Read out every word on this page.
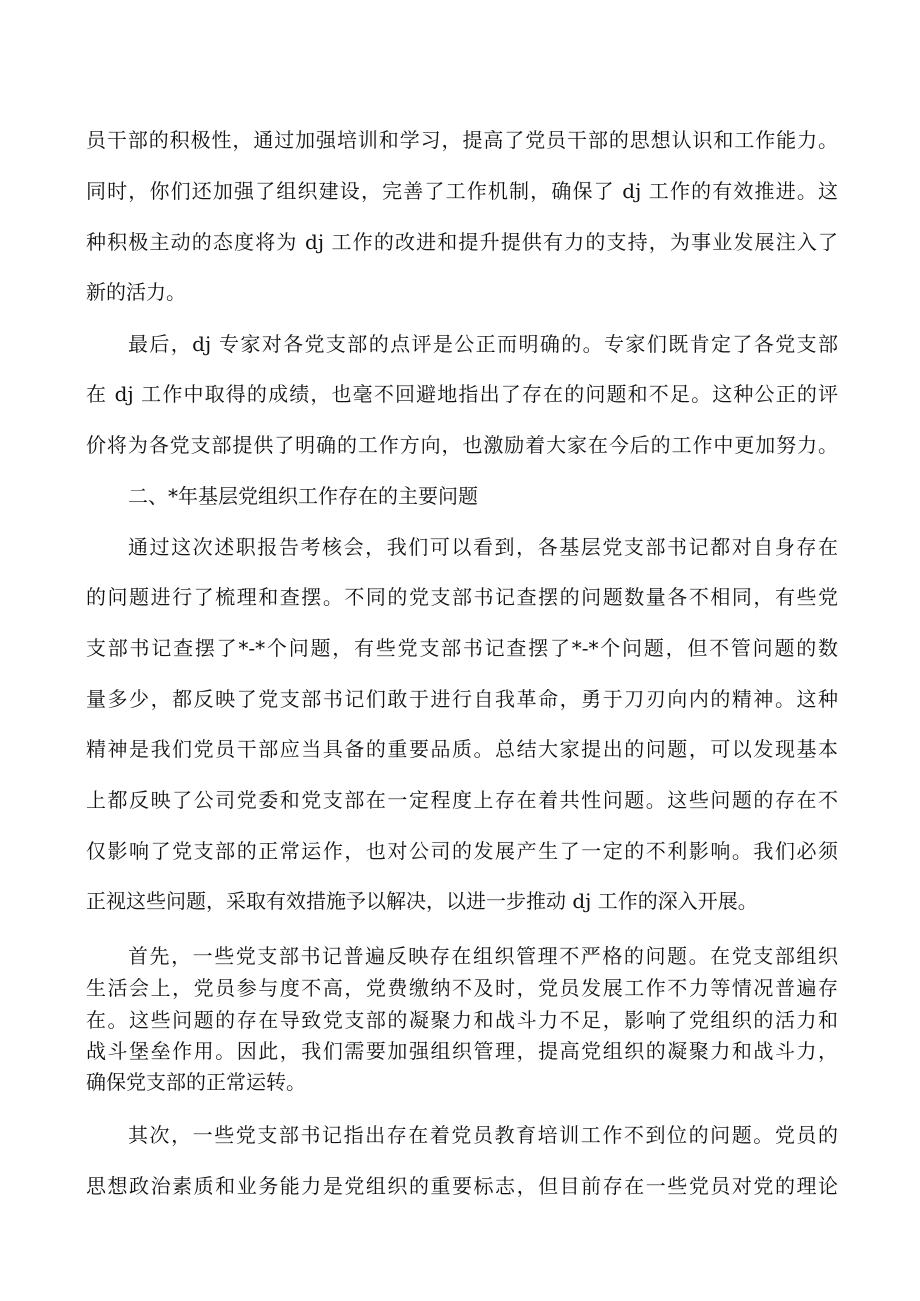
员干部的积极性，通过加强培训和学习，提高了党员干部的思想认识和工作能力。
同时，你们还加强了组织建设，完善了工作机制，确保了 dj 工作的有效推进。这
种积极主动的态度将为 dj 工作的改进和提升提供有力的支持，为事业发展注入了
新的活力。
最后，dj 专家对各党支部的点评是公正而明确的。专家们既肯定了各党支部
在 dj 工作中取得的成绩，也毫不回避地指出了存在的问题和不足。这种公正的评
价将为各党支部提供了明确的工作方向，也激励着大家在今后的工作中更加努力。
二、*年基层党组织工作存在的主要问题
通过这次述职报告考核会，我们可以看到，各基层党支部书记都对自身存在
的问题进行了梳理和查摆。不同的党支部书记查摆的问题数量各不相同，有些党
支部书记查摆了*-*个问题，有些党支部书记查摆了*-*个问题，但不管问题的数
量多少，都反映了党支部书记们敢于进行自我革命，勇于刀刃向内的精神。这种
精神是我们党员干部应当具备的重要品质。总结大家提出的问题，可以发现基本
上都反映了公司党委和党支部在一定程度上存在着共性问题。这些问题的存在不
仅影响了党支部的正常运作，也对公司的发展产生了一定的不利影响。我们必须
正视这些问题，采取有效措施予以解决，以进一步推动 dj 工作的深入开展。
首先，一些党支部书记普遍反映存在组织管理不严格的问题。在党支部组织
生活会上，党员参与度不高，党费缴纳不及时，党员发展工作不力等情况普遍存
在。这些问题的存在导致党支部的凝聚力和战斗力不足，影响了党组织的活力和
战斗堡垒作用。因此，我们需要加强组织管理，提高党组织的凝聚力和战斗力，
确保党支部的正常运转。
其次，一些党支部书记指出存在着党员教育培训工作不到位的问题。党员的
思想政治素质和业务能力是党组织的重要标志，但目前存在一些党员对党的理论
